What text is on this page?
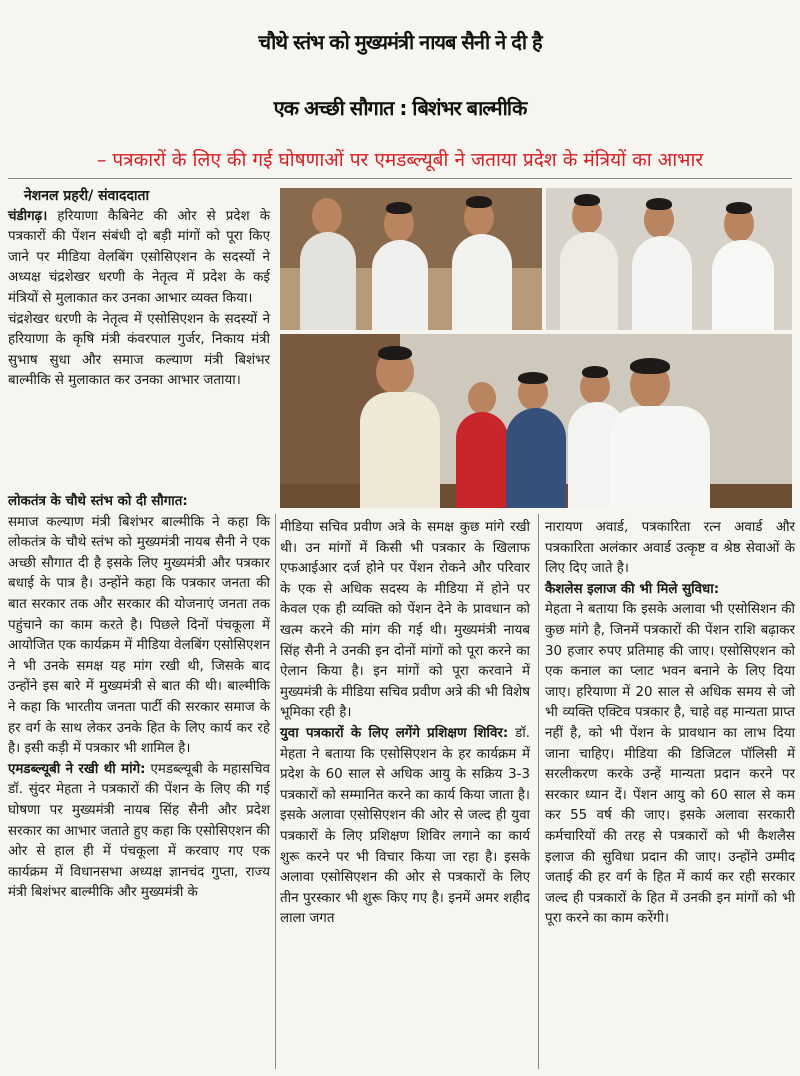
चौथे स्तंभ को मुख्यमंत्री नायब सैनी ने दी है
एक अच्छी सौगात : बिशंभर बाल्मीकि
– पत्रकारों के लिए की गई घोषणाओं पर एमडब्ल्यूबी ने जताया प्रदेश के मंत्रियों का आभार

नेशनल प्रहरी/ संवाददाता

चंडीगढ़। हरियाणा कैबिनेट की ओर से प्रदेश के पत्रकारों की पेंशन संबंधी दो बड़ी मांगों को पूरा किए जाने पर मीडिया वेलबिंग एसोसिएशन के सदस्यों ने अध्यक्ष चंद्रशेखर धरणी के नेतृत्व में प्रदेश के कई मंत्रियों से मुलाकात कर उनका आभार व्यक्त किया।

चंद्रशेखर धरणी के नेतृत्व में एसोसिएशन के सदस्यों ने हरियाणा के कृषि मंत्री कंवरपाल गुर्जर, निकाय मंत्री सुभाष सुधा और समाज कल्याण मंत्री बिशंभर बाल्मीकि से मुलाकात कर उनका आभार जताया।

लोकतंत्र के चौथे स्तंभ को दी सौगात:

समाज कल्याण मंत्री बिशंभर बाल्मीकि ने कहा कि लोकतंत्र के चौथे स्तंभ को मुख्यमंत्री नायब सैनी ने एक अच्छी सौगात दी है इसके लिए मुख्यमंत्री और पत्रकार बधाई के पात्र है। उन्होंने कहा कि पत्रकार जनता की बात सरकार तक और सरकार की योजनाएं जनता तक पहुंचाने का काम करते है। पिछले दिनों पंचकूला में आयोजित एक कार्यक्रम में मीडिया वेलबिंग एसोसिएशन ने भी उनके समक्ष यह मांग रखी थी, जिसके बाद उन्होंने इस बारे में मुख्यमंत्री से बात की थी। बाल्मीकि ने कहा कि भारतीय जनता पार्टी की सरकार समाज के हर वर्ग के साथ लेकर उनके हित के लिए कार्य कर रहे है। इसी कड़ी में पत्रकार भी शामिल है।

एमडब्ल्यूबी ने रखी थी मांगे: एमडब्ल्यूबी के महासचिव डॉ. सुंदर मेहता ने पत्रकारों की पेंशन के लिए की गई घोषणा पर मुख्यमंत्री नायब सिंह सैनी और प्रदेश सरकार का आभार जताते हुए कहा कि एसोसिएशन की ओर से हाल ही में पंचकूला में करवाए गए एक कार्यक्रम में विधानसभा अध्यक्ष ज्ञानचंद गुप्ता, राज्य मंत्री बिशंभर बाल्मीकि और मुख्यमंत्री के

मीडिया सचिव प्रवीण अत्रे के समक्ष कुछ मांगे रखी थी। उन मांगों में किसी भी पत्रकार के खिलाफ एफआईआर दर्ज होने पर पेंशन रोकने और परिवार के एक से अधिक सदस्य के मीडिया में होने पर केवल एक ही व्यक्ति को पेंशन देने के प्रावधान को खत्म करने की मांग की गई थी। मुख्यमंत्री नायब सिंह सैनी ने उनकी इन दोनों मांगों को पूरा करने का ऐलान किया है। इन मांगों को पूरा करवाने में मुख्यमंत्री के मीडिया सचिव प्रवीण अत्रे की भी विशेष भूमिका रही है।

युवा पत्रकारों के लिए लगेंगे प्रशिक्षण शिविर: डॉ. मेहता ने बताया कि एसोसिएशन के हर कार्यक्रम में प्रदेश के 60 साल से अधिक आयु के सक्रिय 3-3 पत्रकारों को सम्मानित करने का कार्य किया जाता है। इसके अलावा एसोसिएशन की ओर से जल्द ही युवा पत्रकारों के लिए प्रशिक्षण शिविर लगाने का कार्य शुरू करने पर भी विचार किया जा रहा है। इसके अलावा एसोसिएशन की ओर से पत्रकारों के लिए तीन पुरस्कार भी शुरू किए गए है। इनमें अमर शहीद लाला जगत

नारायण अवार्ड, पत्रकारिता रत्न अवार्ड और पत्रकारिता अलंकार अवार्ड उत्कृष्ट व श्रेष्ठ सेवाओं के लिए दिए जाते है।

कैशलेस इलाज की भी मिले सुविधा:

मेहता ने बताया कि इसके अलावा भी एसोसिशन की कुछ मांगे है, जिनमें पत्रकारों की पेंशन राशि बढ़ाकर 30 हजार रुपए प्रतिमाह की जाए। एसोसिएशन को एक कनाल का प्लाट भवन बनाने के लिए दिया जाए। हरियाणा में 20 साल से अधिक समय से जो भी व्यक्ति एक्टिव पत्रकार है, चाहे वह मान्यता प्राप्त नहीं है, को भी पेंशन के प्रावधान का लाभ दिया जाना चाहिए। मीडिया की डिजिटल पॉलिसी में सरलीकरण करके उन्हें मान्यता प्रदान करने पर सरकार ध्यान दें। पेंशन आयु को 60 साल से कम कर 55 वर्ष की जाए। इसके अलावा सरकारी कर्मचारियों की तरह से पत्रकारों को भी कैशलैस इलाज की सुविधा प्रदान की जाए। उन्होंने उम्मीद जताई की हर वर्ग के हित में कार्य कर रही सरकार जल्द ही पत्रकारों के हित में उनकी इन मांगों को भी पूरा करने का काम करेंगी।
